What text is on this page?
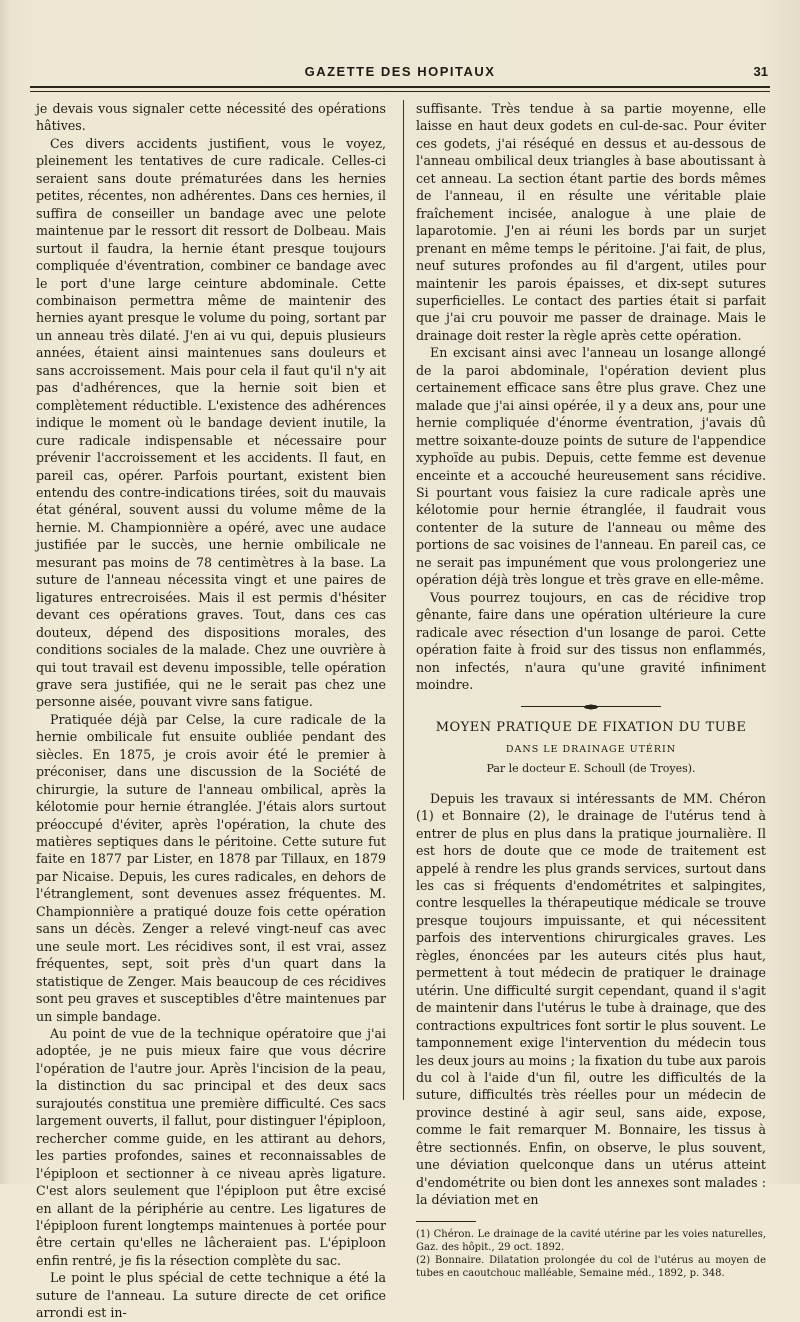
GAZETTE DES HOPITAUX	31

je devais vous signaler cette nécessité des opérations hâtives.

Ces divers accidents justifient, vous le voyez, pleinement les tentatives de cure radicale. Celles-ci seraient sans doute prématurées dans les hernies petites, récentes, non adhérentes. Dans ces hernies, il suffira de conseiller un bandage avec une pelote maintenue par le ressort dit ressort de Dolbeau. Mais surtout il faudra, la hernie étant presque toujours compliquée d'éventration, combiner ce bandage avec le port d'une large ceinture abdominale. Cette combinaison permettra même de maintenir des hernies ayant presque le volume du poing, sortant par un anneau très dilaté. J'en ai vu qui, depuis plusieurs années, étaient ainsi maintenues sans douleurs et sans accroissement. Mais pour cela il faut qu'il n'y ait pas d'adhérences, que la hernie soit bien et complètement réductible. L'existence des adhérences indique le moment où le bandage devient inutile, la cure radicale indispensable et nécessaire pour prévenir l'accroissement et les accidents. Il faut, en pareil cas, opérer. Parfois pourtant, existent bien entendu des contre-indications tirées, soit du mauvais état général, souvent aussi du volume même de la hernie. M. Championnière a opéré, avec une audace justifiée par le succès, une hernie ombilicale ne mesurant pas moins de 78 centimètres à la base. La suture de l'anneau nécessita vingt et une paires de ligatures entrecroisées. Mais il est permis d'hésiter devant ces opérations graves. Tout, dans ces cas douteux, dépend des dispositions morales, des conditions sociales de la malade. Chez une ouvrière à qui tout travail est devenu impossible, telle opération grave sera justifiée, qui ne le serait pas chez une personne aisée, pouvant vivre sans fatigue.

Pratiquée déjà par Celse, la cure radicale de la hernie ombilicale fut ensuite oubliée pendant des siècles. En 1875, je crois avoir été le premier à préconiser, dans une discussion de la Société de chirurgie, la suture de l'anneau ombilical, après la kélotomie pour hernie étranglée. J'étais alors surtout préoccupé d'éviter, après l'opération, la chute des matières septiques dans le péritoine. Cette suture fut faite en 1877 par Lister, en 1878 par Tillaux, en 1879 par Nicaise. Depuis, les cures radicales, en dehors de l'étranglement, sont devenues assez fréquentes. M. Championnière a pratiqué douze fois cette opération sans un décès. Zenger a relevé vingt-neuf cas avec une seule mort. Les récidives sont, il est vrai, assez fréquentes, sept, soit près d'un quart dans la statistique de Zenger. Mais beaucoup de ces récidives sont peu graves et susceptibles d'être maintenues par un simple bandage.

Au point de vue de la technique opératoire que j'ai adoptée, je ne puis mieux faire que vous décrire l'opération de l'autre jour. Après l'incision de la peau, la distinction du sac principal et des deux sacs surajoutés constitua une première difficulté. Ces sacs largement ouverts, il fallut, pour distinguer l'épiploon, rechercher comme guide, en les attirant au dehors, les parties profondes, saines et reconnaissables de l'épiploon et sectionner à ce niveau après ligature. C'est alors seulement que l'épiploon put être excisé en allant de la périphérie au centre. Les ligatures de l'épiploon furent longtemps maintenues à portée pour être certain qu'elles ne lâcheraient pas. L'épiploon enfin rentré, je fis la résection complète du sac.

Le point le plus spécial de cette technique a été la suture de l'anneau. La suture directe de cet orifice arrondi est in-

suffisante. Très tendue à sa partie moyenne, elle laisse en haut deux godets en cul-de-sac. Pour éviter ces godets, j'ai réséqué en dessus et au-dessous de l'anneau ombilical deux triangles à base aboutissant à cet anneau. La section étant partie des bords mêmes de l'anneau, il en résulte une véritable plaie fraîchement incisée, analogue à une plaie de laparotomie. J'en ai réuni les bords par un surjet prenant en même temps le péritoine. J'ai fait, de plus, neuf sutures profondes au fil d'argent, utiles pour maintenir les parois épaisses, et dix-sept sutures superficielles. Le contact des parties était si parfait que j'ai cru pouvoir me passer de drainage. Mais le drainage doit rester la règle après cette opération.

En excisant ainsi avec l'anneau un losange allongé de la paroi abdominale, l'opération devient plus certainement efficace sans être plus grave. Chez une malade que j'ai ainsi opérée, il y a deux ans, pour une hernie compliquée d'énorme éventration, j'avais dû mettre soixante-douze points de suture de l'appendice xyphoïde au pubis. Depuis, cette femme est devenue enceinte et a accouché heureusement sans récidive. Si pourtant vous faisiez la cure radicale après une kélotomie pour hernie étranglée, il faudrait vous contenter de la suture de l'anneau ou même des portions de sac voisines de l'anneau. En pareil cas, ce ne serait pas impunément que vous prolongeriez une opération déjà très longue et très grave en elle-même.

Vous pourrez toujours, en cas de récidive trop gênante, faire dans une opération ultérieure la cure radicale avec résection d'un losange de paroi. Cette opération faite à froid sur des tissus non enflammés, non infectés, n'aura qu'une gravité infiniment moindre.

MOYEN PRATIQUE DE FIXATION DU TUBE
DANS LE DRAINAGE UTÉRIN
Par le docteur E. Schoull (de Troyes).

Depuis les travaux si intéressants de MM. Chéron (1) et Bonnaire (2), le drainage de l'utérus tend à entrer de plus en plus dans la pratique journalière. Il est hors de doute que ce mode de traitement est appelé à rendre les plus grands services, surtout dans les cas si fréquents d'endométrites et salpingites, contre lesquelles la thérapeutique médicale se trouve presque toujours impuissante, et qui nécessitent parfois des interventions chirurgicales graves. Les règles, énoncées par les auteurs cités plus haut, permettent à tout médecin de pratiquer le drainage utérin. Une difficulté surgit cependant, quand il s'agit de maintenir dans l'utérus le tube à drainage, que des contractions expultrices font sortir le plus souvent. Le tamponnement exige l'intervention du médecin tous les deux jours au moins ; la fixation du tube aux parois du col à l'aide d'un fil, outre les difficultés de la suture, difficultés très réelles pour un médecin de province destiné à agir seul, sans aide, expose, comme le fait remarquer M. Bonnaire, les tissus à être sectionnés. Enfin, on observe, le plus souvent, une déviation quelconque dans un utérus atteint d'endométrite ou bien dont les annexes sont malades : la déviation met en

(1) Chéron. Le drainage de la cavité utérine par les voies naturelles, Gaz. des hôpit., 29 oct. 1892.

(2) Bonnaire. Dilatation prolongée du col de l'utérus au moyen de tubes en caoutchouc malléable, Semaine méd., 1892, p. 348.
